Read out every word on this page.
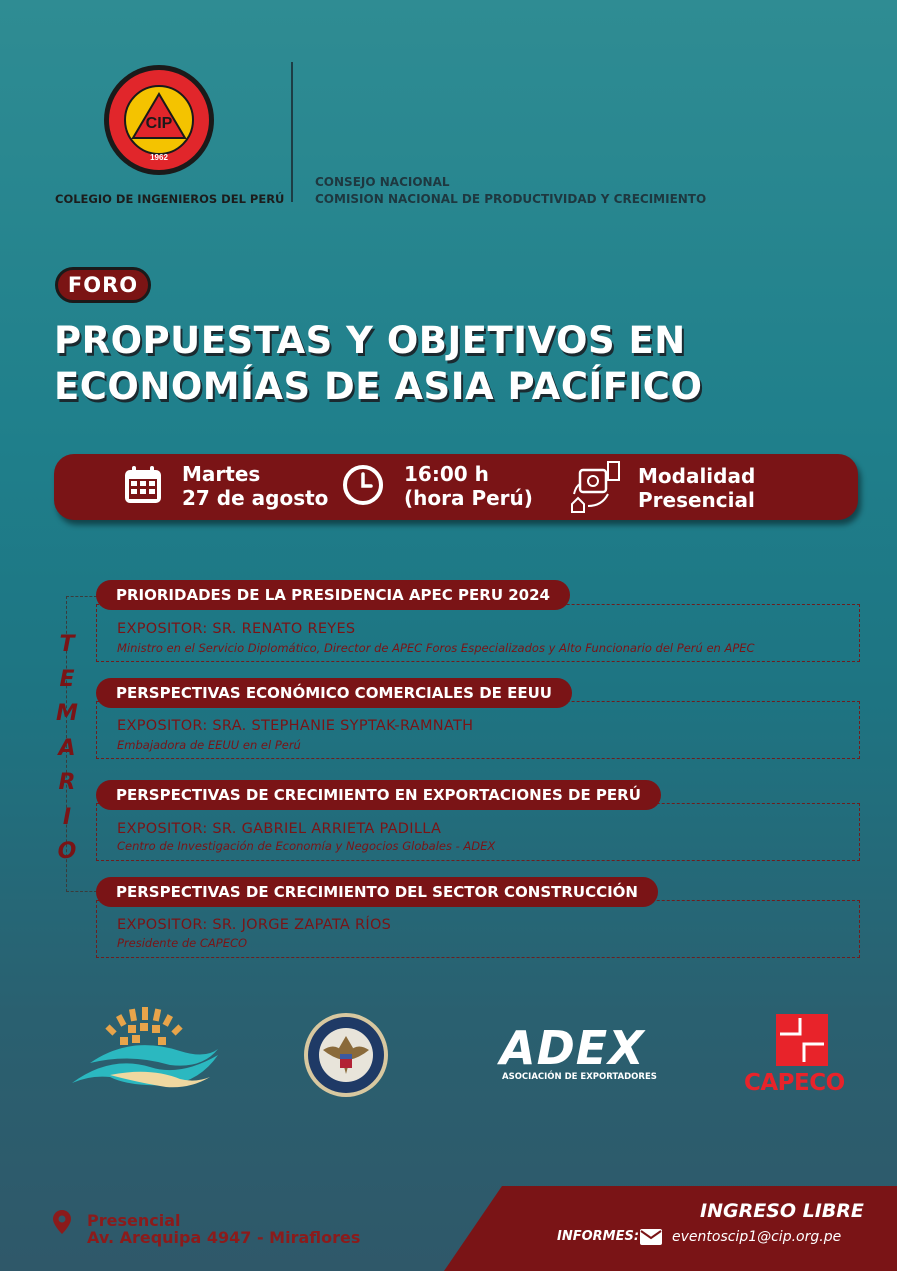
CIP
1962
COLEGIO DE INGENIEROS DEL PERÚ
CONSEJO NACIONAL
COMISION NACIONAL DE PRODUCTIVIDAD Y CRECIMIENTO
FORO
PROPUESTAS Y OBJETIVOS EN
ECONOMÍAS DE ASIA PACÍFICO
Martes
27 de agosto
16:00 h
(hora Perú)
Modalidad
Presencial
T
E
M
A
R
I
O
EXPOSITOR: SR. RENATO REYES
Ministro en el Servicio Diplomático, Director de APEC Foros Especializados y Alto Funcionario del Perú en APEC
PRIORIDADES DE LA PRESIDENCIA APEC PERU 2024
EXPOSITOR: SRA. STEPHANIE SYPTAK-RAMNATH
Embajadora de EEUU en el Perú
PERSPECTIVAS ECONÓMICO COMERCIALES DE EEUU
EXPOSITOR: SR. GABRIEL ARRIETA PADILLA
Centro de Investigación de Economía y Negocios Globales - ADEX
PERSPECTIVAS DE CRECIMIENTO EN EXPORTACIONES DE PERÚ
EXPOSITOR: SR. JORGE ZAPATA RÍOS
Presidente de CAPECO
PERSPECTIVAS DE CRECIMIENTO DEL SECTOR CONSTRUCCIÓN
ADEX
ASOCIACIÓN DE EXPORTADORES	CAPECO
Presencial
Av. Arequipa 4947 - Miraflores
INGRESO LIBRE
INFORMES: eventoscip1@cip.org.pe
